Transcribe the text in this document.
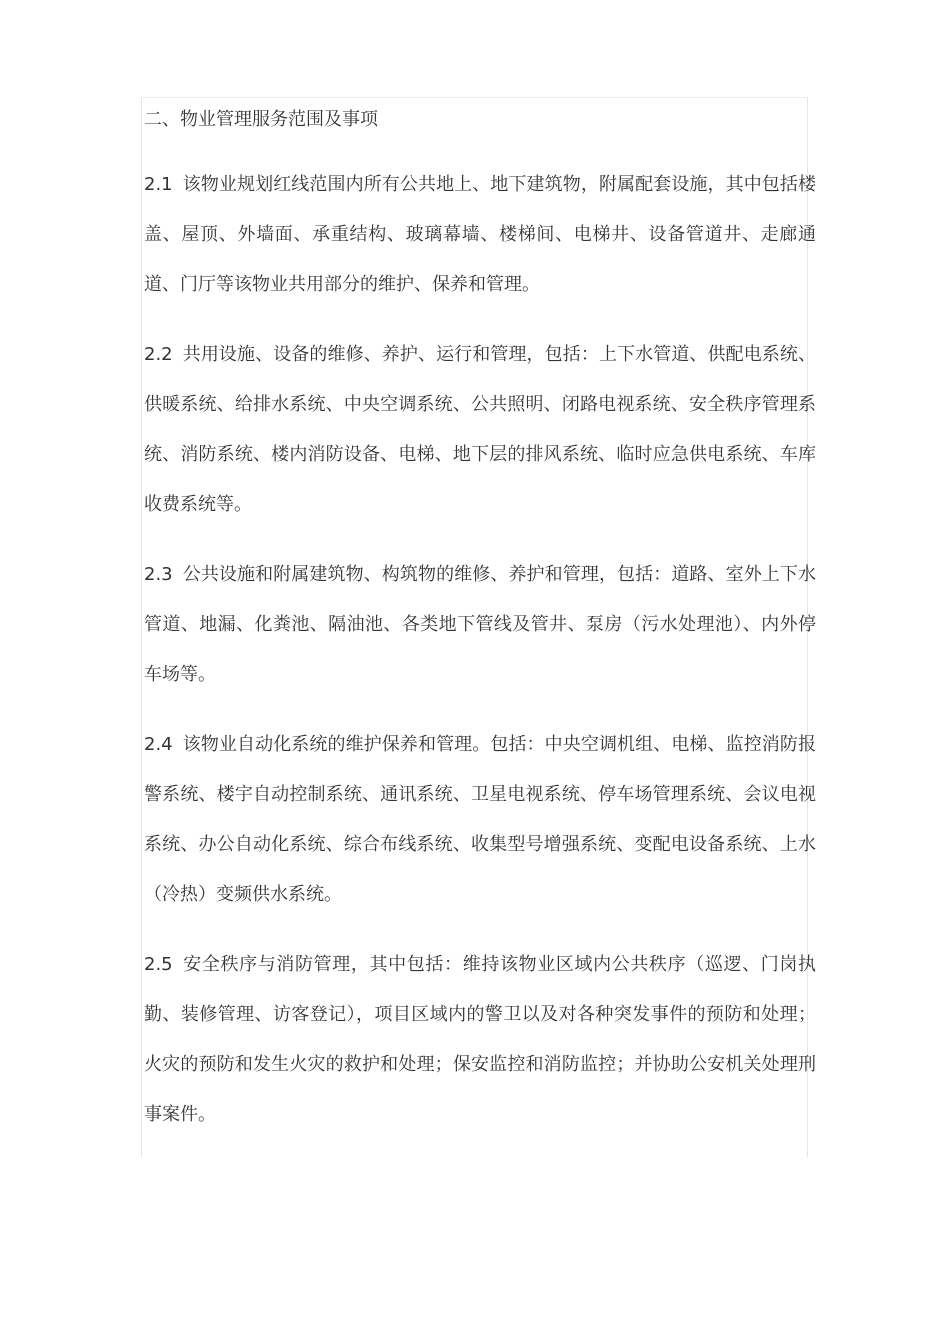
二、物业管理服务范围及事项

2.1 该物业规划红线范围内所有公共地上、地下建筑物，附属配套设施，其中包括楼盖、屋顶、外墙面、承重结构、玻璃幕墙、楼梯间、电梯井、设备管道井、走廊通道、门厅等该物业共用部分的维护、保养和管理。

2.2 共用设施、设备的维修、养护、运行和管理，包括：上下水管道、供配电系统、供暖系统、给排水系统、中央空调系统、公共照明、闭路电视系统、安全秩序管理系统、消防系统、楼内消防设备、电梯、地下层的排风系统、临时应急供电系统、车库收费系统等。

2.3 公共设施和附属建筑物、构筑物的维修、养护和管理，包括：道路、室外上下水管道、地漏、化粪池、隔油池、各类地下管线及管井、泵房（污水处理池）、内外停车场等。

2.4 该物业自动化系统的维护保养和管理。包括：中央空调机组、电梯、监控消防报警系统、楼宇自动控制系统、通讯系统、卫星电视系统、停车场管理系统、会议电视系统、办公自动化系统、综合布线系统、收集型号增强系统、变配电设备系统、上水（冷热）变频供水系统。

2.5 安全秩序与消防管理，其中包括：维持该物业区域内公共秩序（巡逻、门岗执勤、装修管理、访客登记），项目区域内的警卫以及对各种突发事件的预防和处理；火灾的预防和发生火灾的救护和处理；保安监控和消防监控；并协助公安机关处理刑事案件。
